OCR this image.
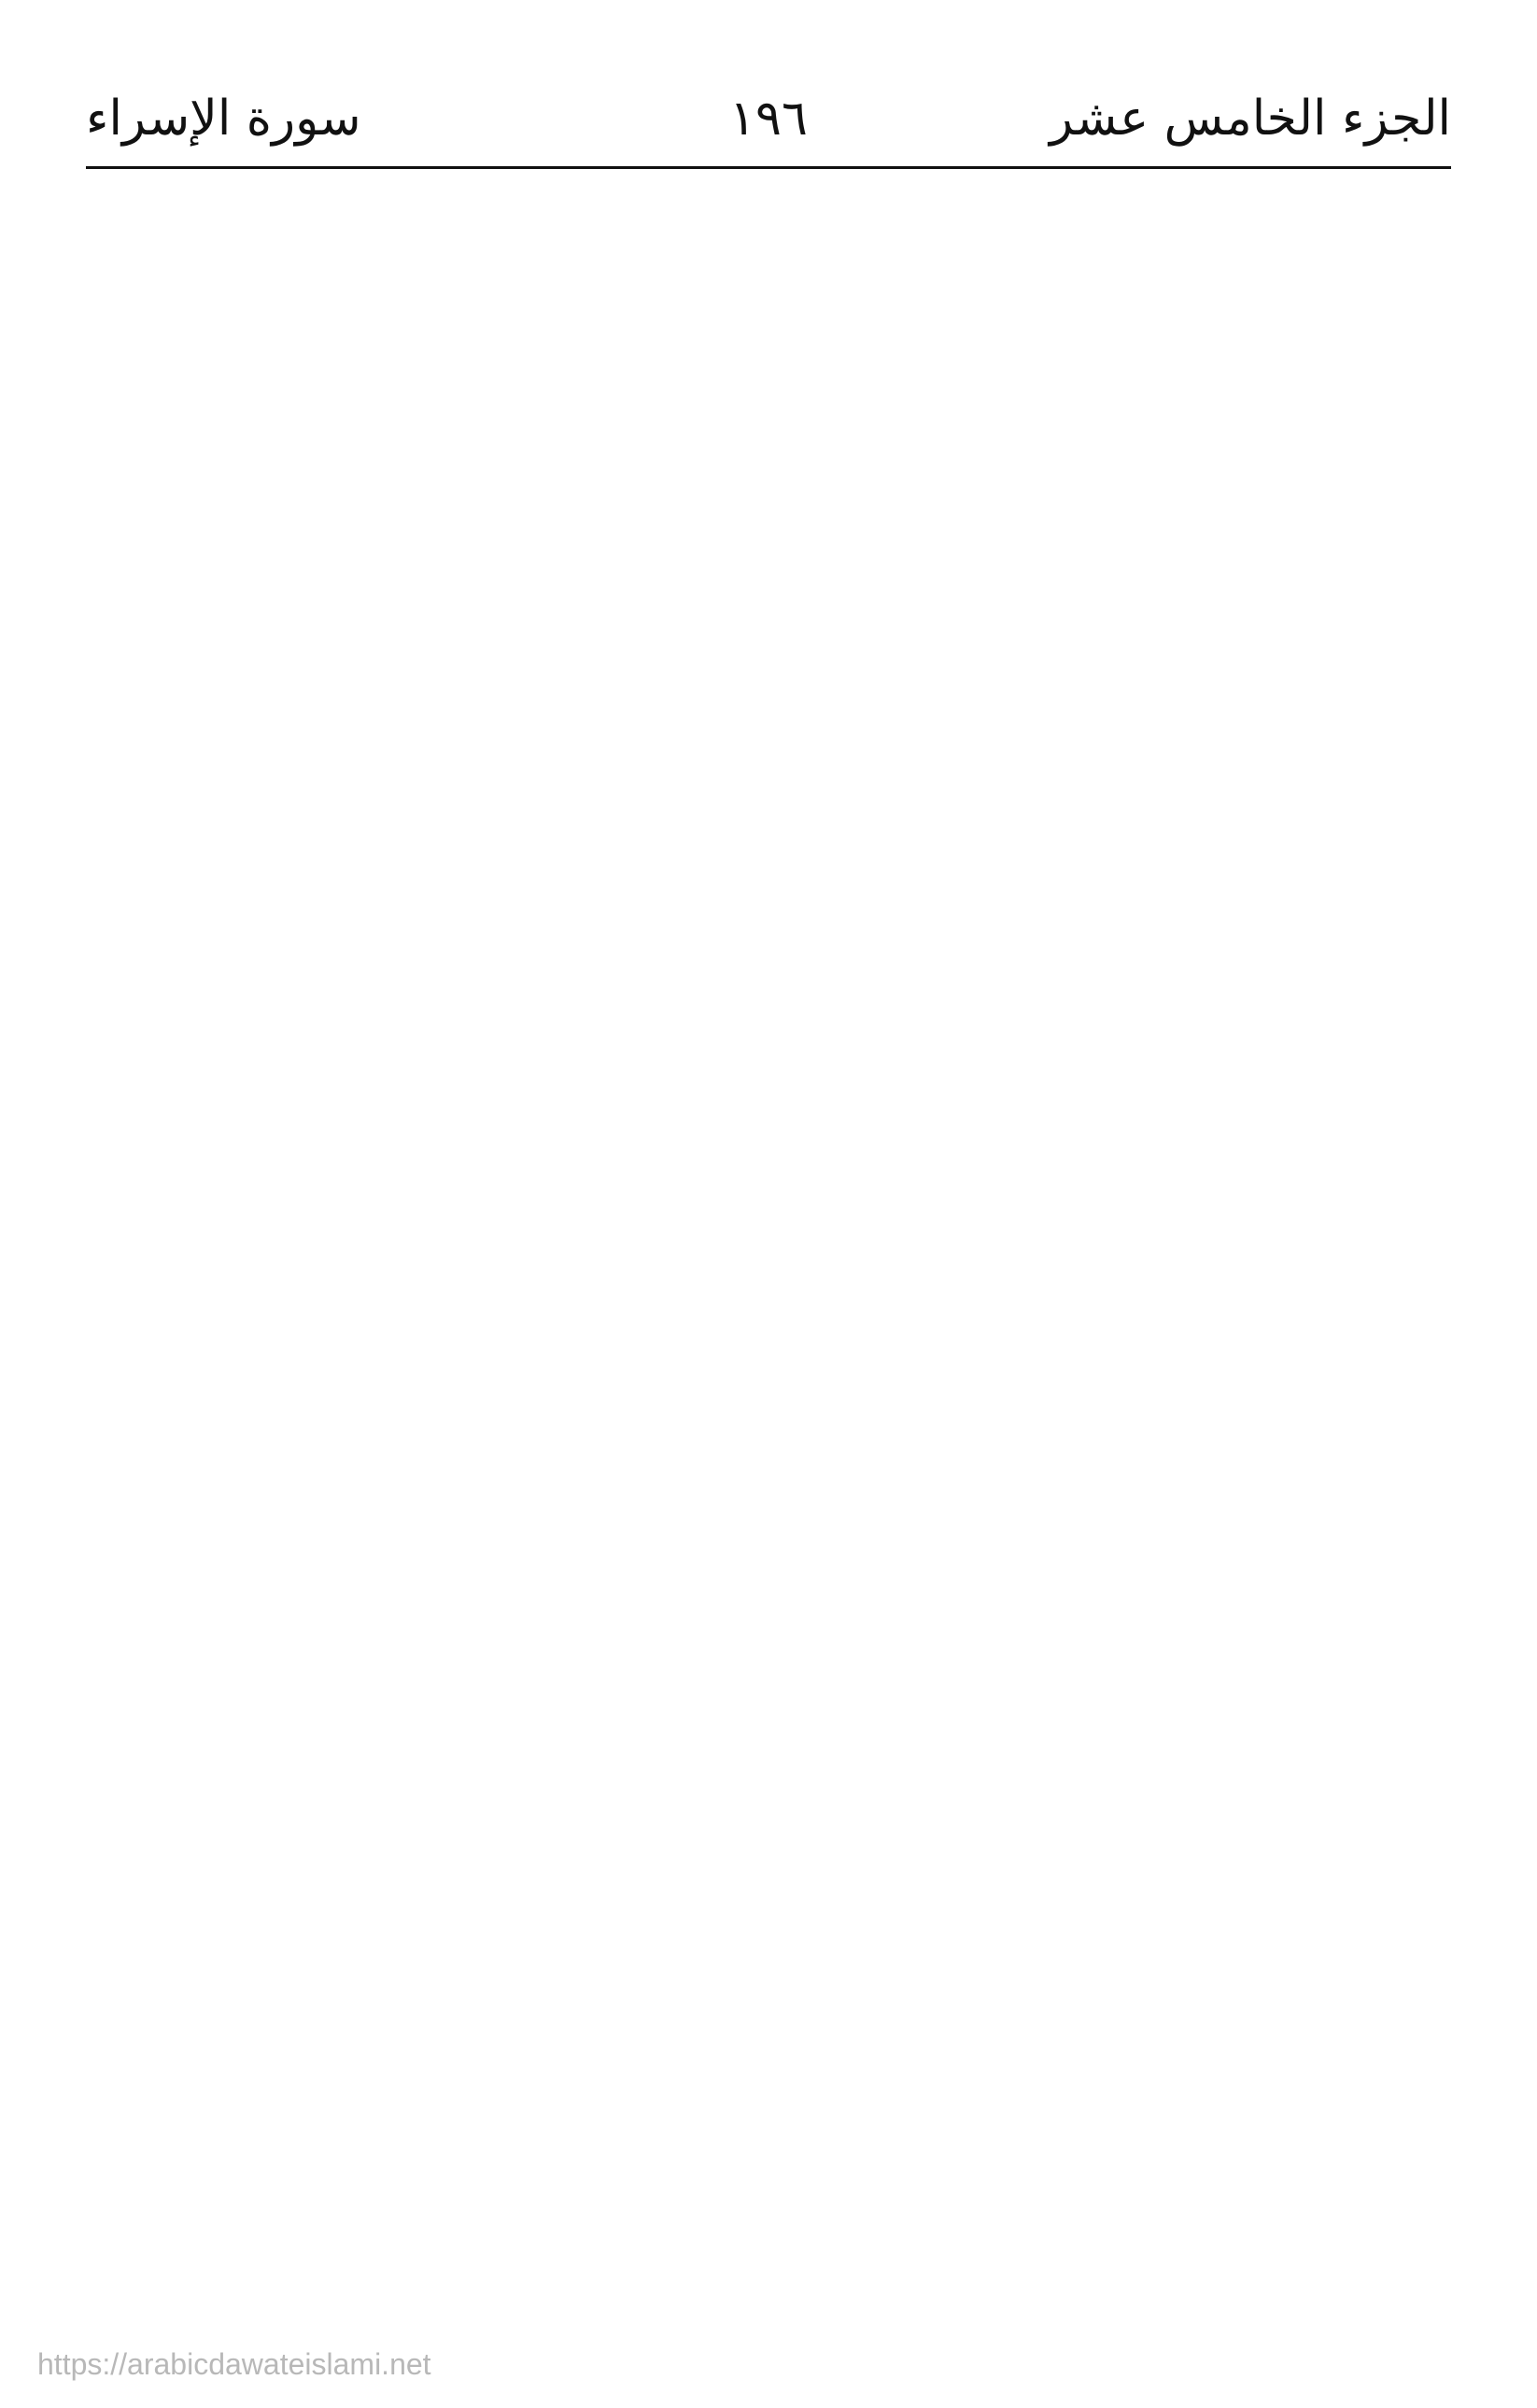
الجزء الخامس عشر
١٩٦
سورة الإسراء
https://arabicdawateislami.net
